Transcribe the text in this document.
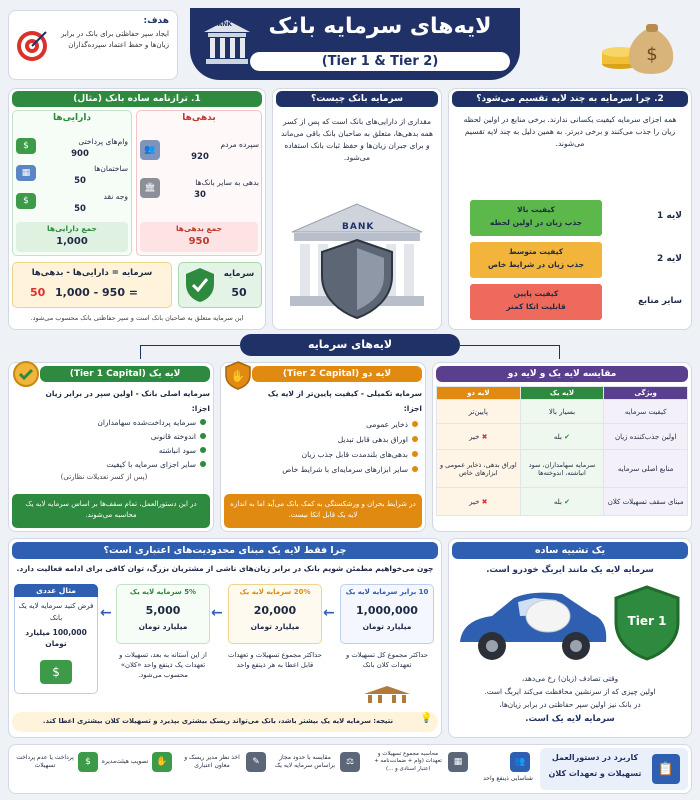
لایه‌های سرمایه بانک
(Tier 1 & Tier 2)
BANK
$
هدف:
ایجاد سپر حفاظتی برای بانک در برابر زیان‌ها و حفظ اعتماد سپرده‌گذاران
1. ترازنامه ساده بانک (مثال)
بدهی‌ها
👥
سپرده مردم
920
🏛
بدهی به سایر بانک‌ها
30
جمع بدهی‌ها
950
دارایی‌ها
$	وام‌های پرداختی
900
▦	ساختمان‌ها
50
$	وجه نقد
50
جمع دارایی‌ها
1,000
سرمایه = دارایی‌ها - بدهی‌ها
50 1,000 - 950 =
سرمایه
50
این سرمایه متعلق به صاحبان بانک است و سپر حفاظتی بانک محسوب می‌شود.
سرمایه بانک چیست؟
مقداری از دارایی‌های بانک است که پس از کسر همه بدهی‌ها، متعلق به صاحبان بانک باقی می‌ماند و برای جبران زیان‌ها و حفظ ثبات بانک استفاده می‌شود.
BANK
2. چرا سرمایه به چند لایه تقسیم می‌شود؟
همه اجزای سرمایه کیفیت یکسانی ندارند. برخی منابع در اولین لحظه زیان را جذب می‌کنند و برخی دیرتر. به همین دلیل به چند لایه تقسیم می‌شوند.
کیفیت بالا
جذب زیان در اولین لحظه
لایه 1
کیفیت متوسط
جذب زیان در شرایط خاص
لایه 2
کیفیت پایین
قابلیت اتکا کمتر
سایر منابع
لایه‌های سرمایه
لایه یک (Tier 1 Capital)
سرمایه اصلی بانک - اولین سپر در برابر زیان
اجزا:
سرمایه پرداخت‌شده سهامداران
اندوخته قانونی
سود انباشته
سایر اجزای سرمایه با کیفیت
(پس از کسر تعدیلات نظارتی)
در این دستورالعمل، تمام سقف‌ها بر اساس سرمایه لایه یک محاسبه می‌شوند.
لایه دو (Tier 2 Capital)
✋
سرمایه تکمیلی - کیفیت پایین‌تر از لایه یک
اجزا:
ذخایر عمومی
اوراق بدهی قابل تبدیل
بدهی‌های بلندمدت قابل جذب زیان
سایر ابزارهای سرمایه‌ای با شرایط خاص
در شرایط بحران و ورشکستگی به کمک بانک می‌آید اما به اندازه لایه یک قابل اتکا نیست.
مقایسه لایه یک و لایه دو
ویژگی	لایه یک	لایه دو
کیفیت سرمایه	بسیار بالا	پایین‌تر
اولین جذب‌کننده زیان	✔ بله	✖ خیر
منابع اصلی سرمایه	سرمایه سهامداران، سود انباشته، اندوخته‌ها	اوراق بدهی، ذخایر عمومی و ابزارهای خاص
مبنای سقف تسهیلات کلان	✔ بله	✖ خیر
چرا فقط لایه یک مبنای محدودیت‌های اعتباری است؟
چون می‌خواهیم مطمئن شویم بانک در برابر زیان‌های ناشی از مشتریان بزرگ، توان کافی برای ادامه فعالیت دارد.
10 برابر سرمایه لایه یک
1,000,000
میلیارد تومان
حداکثر مجموع کل تسهیلات و تعهدات کلان بانک
←
20% سرمایه لایه یک
20,000
میلیارد تومان
حداکثر مجموع تسهیلات و تعهدات قابل اعطا به هر ذینفع واحد
←
5% سرمایه لایه یک
5,000
میلیارد تومان
از این آستانه به بعد، تسهیلات و تعهدات یک ذینفع واحد «کلان» محسوب می‌شود.
←
مثال عددی
فرض کنید سرمایه لایه یک
بانک
100,000 میلیارد تومان
$
نتیجه: سرمایه لایه یک بیشتر باشد، بانک می‌تواند ریسک بیشتری بپذیرد و تسهیلات کلان بیشتری اعطا کند.	💡
یک تشبیه ساده
سرمایه لایه یک مانند ایربگ خودرو است.
Tier 1
وقتی تصادف (زیان) رخ می‌دهد،
اولین چیزی که از سرنشین محافظت می‌کند ایربگ است.
در بانک نیز اولین سپر حفاظتی در برابر زیان‌ها،
سرمایه لایه یک است.
کاربرد در دستورالعمل
تسهیلات و تعهدات کلان	📋
👥
شناسایی ذینفع واحد
▦
محاسبه مجموع تسهیلات و تعهدات (وام + ضمانت‌نامه + اعتبار اسنادی و ...)
⚖
مقایسه با حدود مجاز براساس سرمایه لایه یک
✎
اخذ نظر مدیر ریسک و معاون اعتباری
✋
تصویب هیئت‌مدیره
$
پرداخت یا عدم پرداخت تسهیلات
